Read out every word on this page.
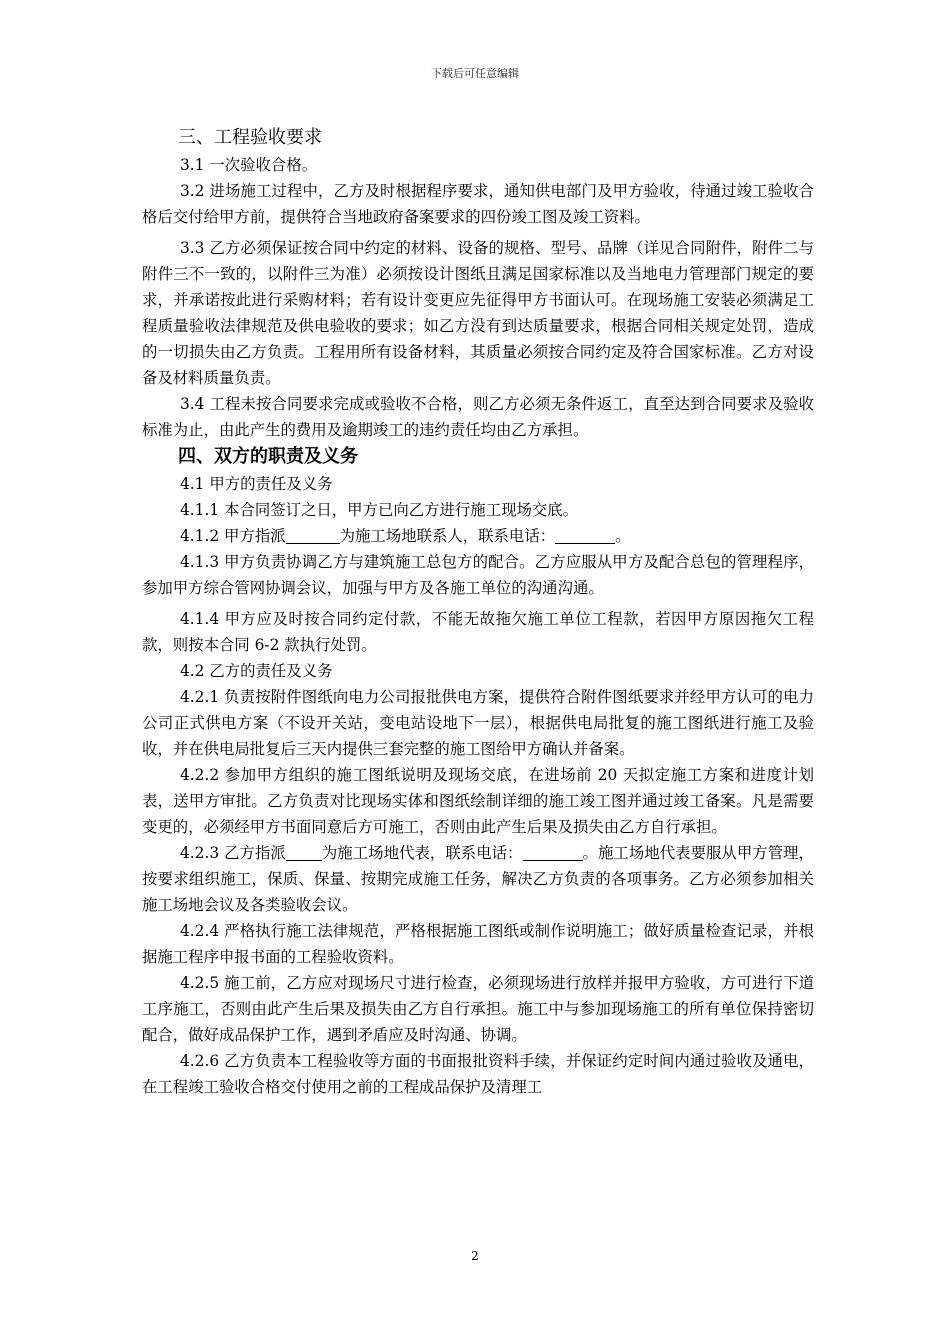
下载后可任意编辑
三、工程验收要求

3.1 一次验收合格。

3.2 进场施工过程中，乙方及时根据程序要求，通知供电部门及甲方验收，待通过竣工验收合格后交付给甲方前，提供符合当地政府备案要求的四份竣工图及竣工资料。

3.3 乙方必须保证按合同中约定的材料、设备的规格、型号、品牌（详见合同附件，附件二与附件三不一致的，以附件三为准）必须按设计图纸且满足国家标准以及当地电力管理部门规定的要求，并承诺按此进行采购材料；若有设计变更应先征得甲方书面认可。在现场施工安装必须满足工程质量验收法律规范及供电验收的要求；如乙方没有到达质量要求，根据合同相关规定处罚，造成的一切损失由乙方负责。工程用所有设备材料，其质量必须按合同约定及符合国家标准。乙方对设备及材料质量负责。

3.4 工程未按合同要求完成或验收不合格，则乙方必须无条件返工，直至达到合同要求及验收标准为止，由此产生的费用及逾期竣工的违约责任均由乙方承担。

四、双方的职责及义务

4.1 甲方的责任及义务

4.1.1 本合同签订之日，甲方已向乙方进行施工现场交底。

4.1.2 甲方指派	为施工场地联系人，联系电话：	。

4.1.3 甲方负责协调乙方与建筑施工总包方的配合。乙方应服从甲方及配合总包的管理程序，参加甲方综合管网协调会议，加强与甲方及各施工单位的沟通沟通。

4.1.4 甲方应及时按合同约定付款，不能无故拖欠施工单位工程款，若因甲方原因拖欠工程款，则按本合同 6-2 款执行处罚。

4.2 乙方的责任及义务

4.2.1 负责按附件图纸向电力公司报批供电方案，提供符合附件图纸要求并经甲方认可的电力公司正式供电方案（不设开关站，变电站设地下一层），根据供电局批复的施工图纸进行施工及验收，并在供电局批复后三天内提供三套完整的施工图给甲方确认并备案。

4.2.2 参加甲方组织的施工图纸说明及现场交底，在进场前 20 天拟定施工方案和进度计划表，送甲方审批。乙方负责对比现场实体和图纸绘制详细的施工竣工图并通过竣工备案。凡是需要变更的，必须经甲方书面同意后方可施工，否则由此产生后果及损失由乙方自行承担。

4.2.3 乙方指派 为施工场地代表，联系电话：	。施工场地代表要服从甲方管理，按要求组织施工，保质、保量、按期完成施工任务，解决乙方负责的各项事务。乙方必须参加相关施工场地会议及各类验收会议。

4.2.4 严格执行施工法律规范，严格根据施工图纸或制作说明施工；做好质量检查记录，并根据施工程序申报书面的工程验收资料。

4.2.5 施工前，乙方应对现场尺寸进行检查，必须现场进行放样并报甲方验收，方可进行下道工序施工，否则由此产生后果及损失由乙方自行承担。施工中与参加现场施工的所有单位保持密切配合，做好成品保护工作，遇到矛盾应及时沟通、协调。

4.2.6 乙方负责本工程验收等方面的书面报批资料手续，并保证约定时间内通过验收及通电，在工程竣工验收合格交付使用之前的工程成品保护及清理工

2
